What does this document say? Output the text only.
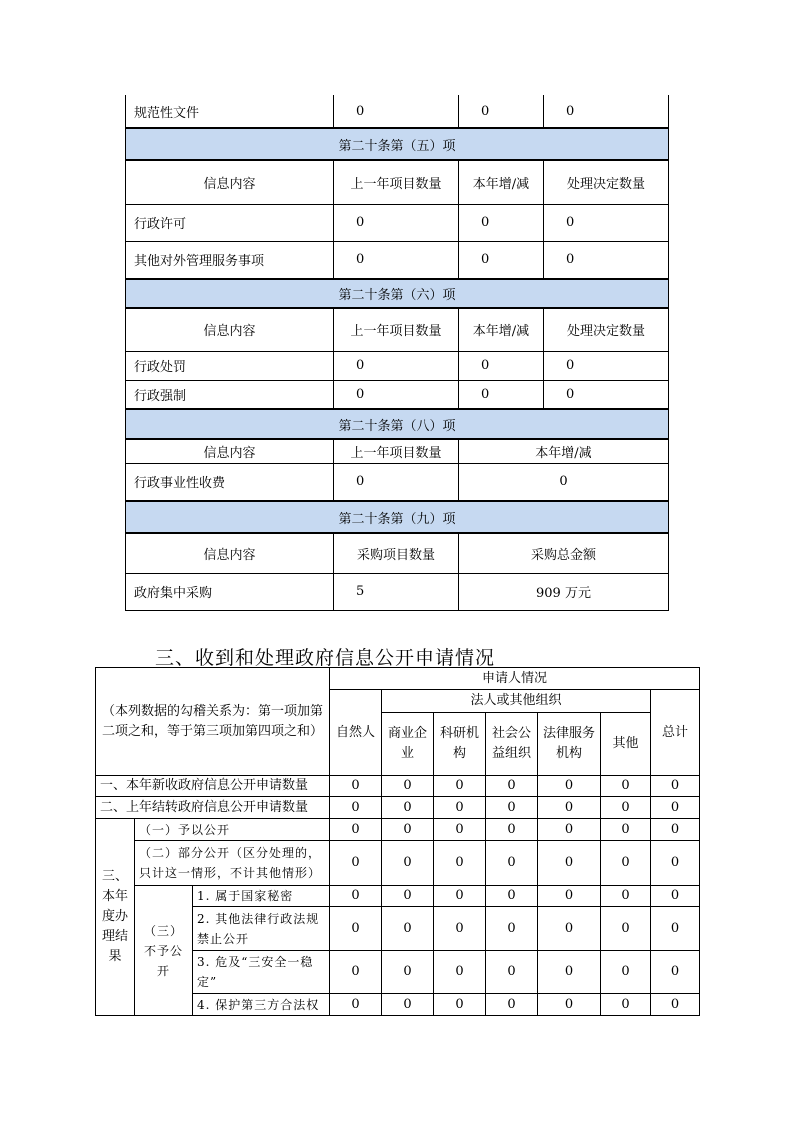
规范性文件	0	0	0
第二十条第（五）项			
信息内容	上一年项目数量	本年增/减	处理决定数量
行政许可	0	0	0
其他对外管理服务事项	0	0	0
第二十条第（六）项			
信息内容	上一年项目数量	本年增/减	处理决定数量
行政处罚	0	0	0
行政强制	0	0	0
第二十条第（八）项			
信息内容	上一年项目数量	本年增/减	
行政事业性收费	0	0	
第二十条第（九）项			
信息内容	采购项目数量	采购总金额	
政府集中采购	5	909 万元	
三、收到和处理政府信息公开申请情况
（本列数据的勾稽关系为：第一项加第二项之和，等于第三项加第四项之和）			申请人情况						
			自然人	法人或其他组织					总计
				商业企业	科研机构	社会公益组织	法律服务机构	其他	
一、本年新收政府信息公开申请数量			0	0	0	0	0	0	0
二、上年结转政府信息公开申请数量			0	0	0	0	0	0	0
三、本年度办理结果	（一）予以公开		0	0	0	0	0	0	0
	（二）部分公开（区分处理的，只计这一情形，不计其他情形）		0	0	0	0	0	0	0
	（三）不予公开	1. 属于国家秘密	0	0	0	0	0	0	0
		2. 其他法律行政法规禁止公开	0	0	0	0	0	0	0
		3. 危及“三安全一稳定”	0	0	0	0	0	0	0
		4. 保护第三方合法权	0	0	0	0	0	0	0
